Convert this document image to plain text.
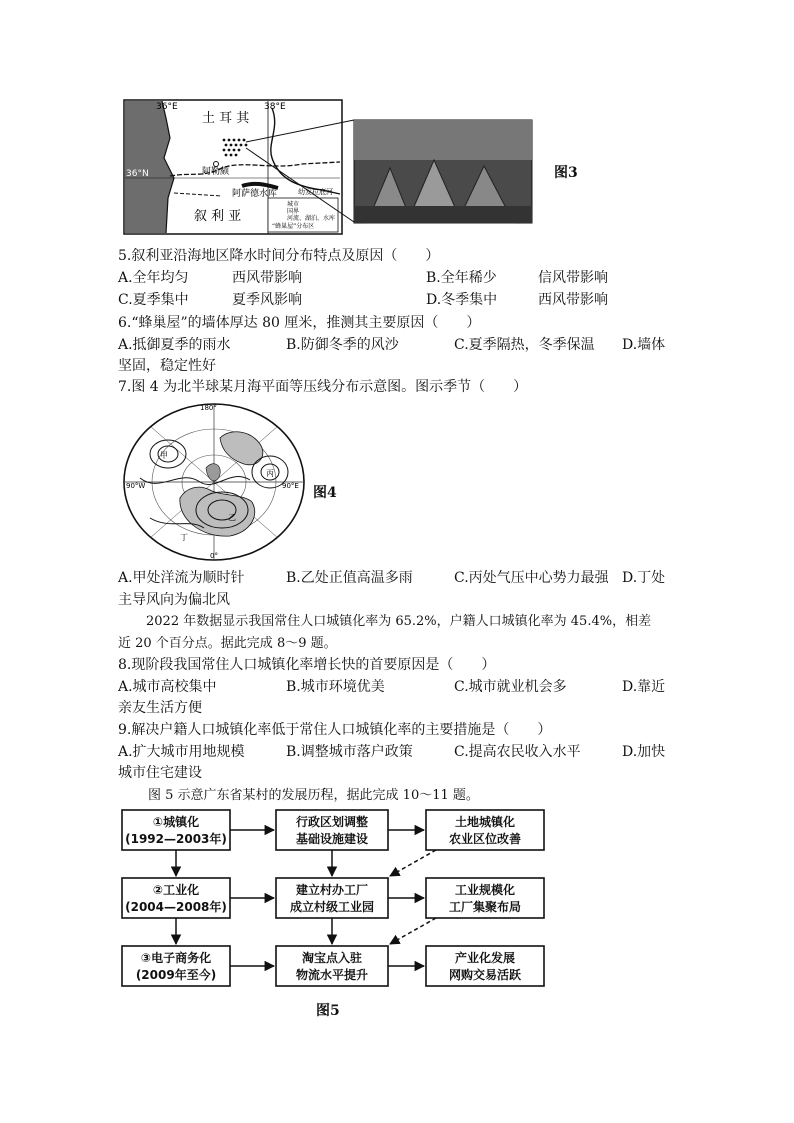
36°E	38°E
36°N
土 耳 其
叙 利 亚
阿勒颇
阿萨德水库	幼发拉底河
城市
国界
河流、湖泊、水库
“蜂巢屋”分布区
图3
5.叙利亚沿海地区降水时间分布特点及原因（　　）
A.全年均匀	西风带影响	B.全年稀少	信风带影响
C.夏季集中	夏季风影响	D.冬季集中	西风带影响
6.“蜂巢屋”的墙体厚达 80 厘米，推测其主要原因（　　）
A.抵御夏季的雨水	B.防御冬季的风沙	C.夏季隔热，冬季保温 D.墙体
坚固，稳定性好
7.图 4 为北半球某月海平面等压线分布示意图。图示季节（　　）
180°
0°
90°E
90°W
甲
乙
丙
丁
图4
A.甲处洋流为顺时针	B.乙处正值高温多雨	C.丙处气压中心势力最强 D.丁处
主导风向为偏北风
2022 年数据显示我国常住人口城镇化率为 65.2%，户籍人口城镇化率为 45.4%，相差
近 20 个百分点。据此完成 8～9 题。
8.现阶段我国常住人口城镇化率增长快的首要原因是（　　）
A.城市高校集中	B.城市环境优美	C.城市就业机会多	D.靠近
亲友生活方便
9.解决户籍人口城镇化率低于常住人口城镇化率的主要措施是（　　）
A.扩大城市用地规模	B.调整城市落户政策	C.提高农民收入水平	D.加快
城市住宅建设
图 5 示意广东省某村的发展历程，据此完成 10～11 题。
①城镇化
(1992—2003年)
行政区划调整
基础设施建设
土地城镇化
农业区位改善
②工业化
(2004—2008年)
建立村办工厂
成立村级工业园
工业规模化
工厂集聚布局
③电子商务化
(2009年至今)
淘宝点入驻
物流水平提升
产业化发展
网购交易活跃
图5
